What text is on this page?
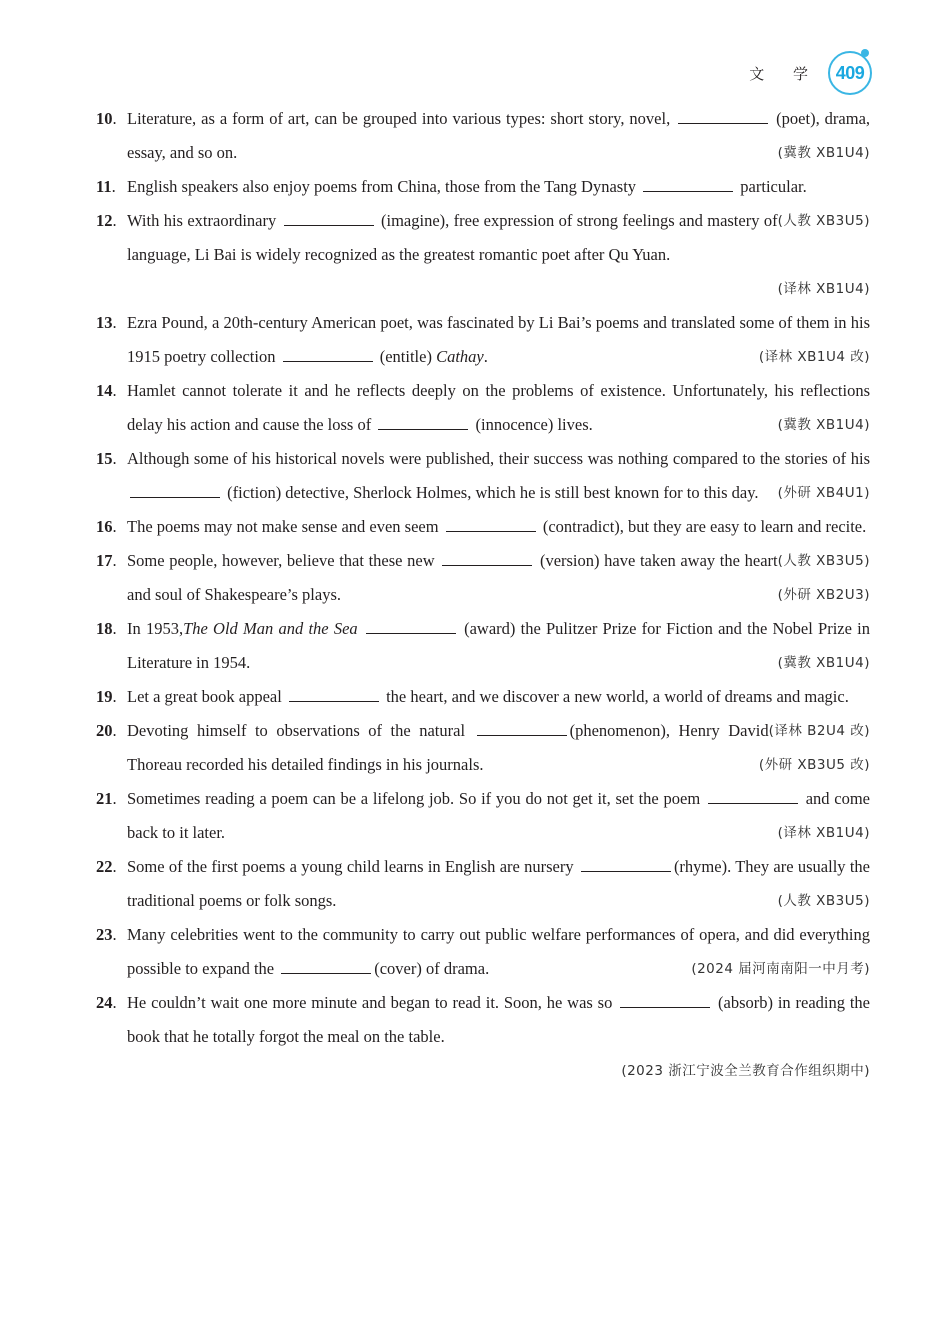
文 学 409
10. Literature, as a form of art, can be grouped into various types: short story, novel,	(poet), drama, essay, and so on.	(冀教 XB1U4)
11. English speakers also enjoy poems from China, those from the Tang Dynasty	particular.
(人教 XB3U5)
12. With his extraordinary	(imagine), free expression of strong feelings and mastery of language, Li Bai is widely recognized as the greatest romantic poet after Qu Yuan.
(译林 XB1U4)
13. Ezra Pound, a 20th-century American poet, was fascinated by Li Bai’s poems and translated some of them in his 1915 poetry collection	(entitle) Cathay.	(译林 XB1U4 改)
14. Hamlet cannot tolerate it and he reflects deeply on the problems of existence. Unfortunately, his reflections delay his action and cause the loss of	(innocence) lives.	(冀教 XB1U4)
15. Although some of his historical novels were published, their success was nothing compared to the stories of his  (fiction) detective, Sherlock Holmes, which he is still best known for to this day. (外研 XB4U1)
16. The poems may not make sense and even seem	(contradict), but they are easy to learn and recite.
(人教 XB3U5)
17. Some people, however, believe that these new	(version) have taken away the heart and soul of Shakespeare’s plays.	(外研 XB2U3)
18. In 1953,The Old Man and the Sea	(award) the Pulitzer Prize for Fiction and the Nobel Prize in Literature in 1954.	(冀教 XB1U4)
19. Let a great book appeal	the heart, and we discover a new world, a world of dreams and magic.
(译林 B2U4 改)
20. Devoting himself to observations of the natural	(phenomenon), Henry David Thoreau recorded his detailed findings in his journals.	(外研 XB3U5 改)
21. Sometimes reading a poem can be a lifelong job. So if you do not get it, set the poem	and come back to it later.	(译林 XB1U4)
22. Some of the first poems a young child learns in English are nursery	(rhyme). They are usually the traditional poems or folk songs.	(人教 XB3U5)
23. Many celebrities went to the community to carry out public welfare performances of opera, and did everything possible to expand the	(cover) of drama.	(2024 届河南南阳一中月考)
24. He couldn’t wait one more minute and began to read it. Soon, he was so	(absorb) in reading the book that he totally forgot the meal on the table.
(2023 浙江宁波全兰教育合作组织期中)
